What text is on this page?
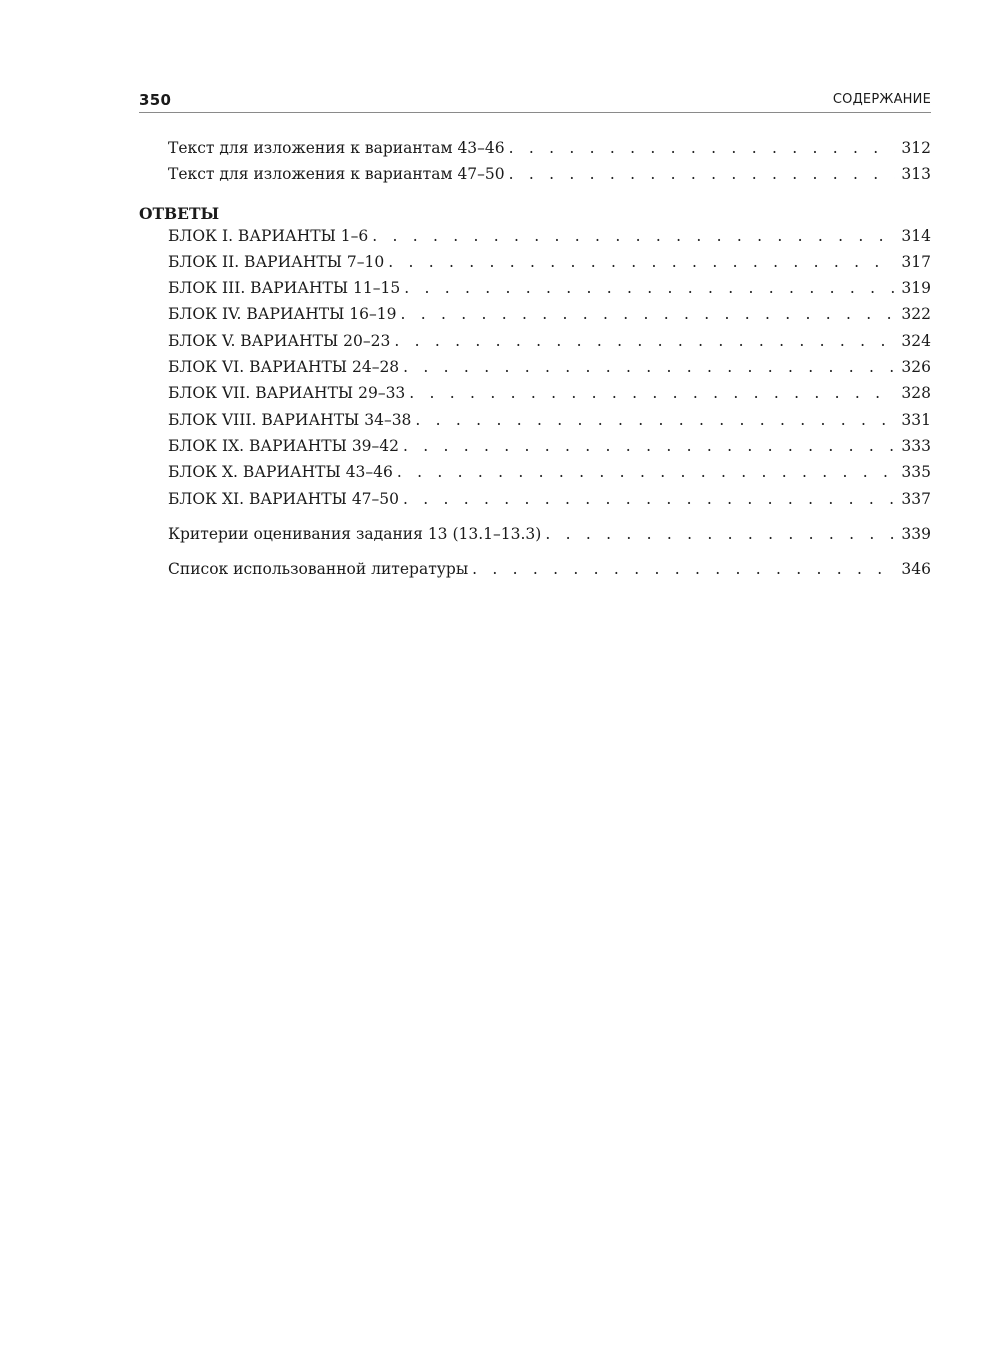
350	СОДЕРЖАНИЕ
Текст для изложения к вариантам 43–46 . . .	312
Текст для изложения к вариантам 47–50 . . .	313
ОТВЕТЫ
БЛОК I. ВАРИАНТЫ 1–6 . . .	314
БЛОК II. ВАРИАНТЫ 7–10 . . .	317
БЛОК III. ВАРИАНТЫ 11–15 . . .	319
БЛОК IV. ВАРИАНТЫ 16–19 . . .	322
БЛОК V. ВАРИАНТЫ 20–23 . . .	324
БЛОК VI. ВАРИАНТЫ 24–28 . . .	326
БЛОК VII. ВАРИАНТЫ 29–33 . . .	328
БЛОК VIII. ВАРИАНТЫ 34–38 . . .	331
БЛОК IX. ВАРИАНТЫ 39–42 . . .	333
БЛОК X. ВАРИАНТЫ 43–46 . . .	335
БЛОК XI. ВАРИАНТЫ 47–50 . . .	337
Критерии оценивания задания 13 (13.1–13.3) . . .	339
Список использованной литературы . . .	346
